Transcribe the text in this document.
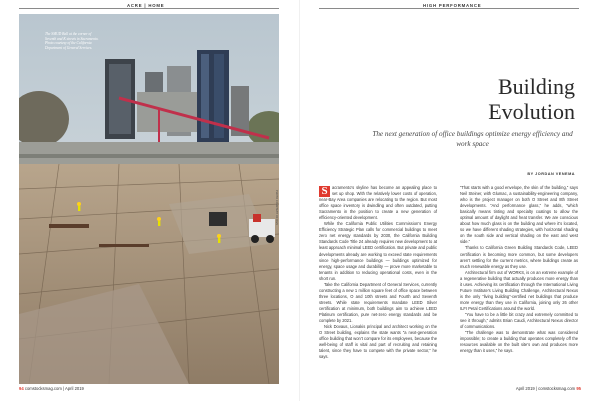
ACRE | HOME
The SMUD Ball at the corner of Seventh and K streets in Sacramento. Photo courtesy of the California Department of General Services.
PHOTO COURTESY OF DGS
94 comstocksmag.com | April 2019
HIGH PERFORMANCE
Building
Evolution
The next generation of office buildings optimize energy efficiency and work space
BY JORDAN VENEMA

S	acramento’s skyline has become an appealing place to set up shop. With the relatively lower costs of operation, near-Bay Area companies are relocating to the region. But most office space inventory is dwindling and often outdated, putting Sacramento in the position to create a new generation of efficiency-oriented development.

While the California Public Utilities Commission’s Energy Efficiency Strategic Plan calls for commercial buildings to meet zero net energy standards by 2030, the California Building Standards Code Title 24 already requires new development to at least approach minimal LEED certification. But private and public developments already are working to exceed state requirements since high-performance buildings — buildings optimized for energy, space usage and durability — prove more marketable to tenants in addition to reducing operational costs, even in the short run.

Take the California Department of General Services, currently constructing a new 1 million square feet of office space between three locations, O and 10th streets and Fourth and Seventh streets. While state requirements mandate LEED Silver certification at minimum, both buildings aim to achieve LEED Platinum certification, pure net-zero energy standards and be complete by 2021.

Nick Dovaus, Lionakis principal and architect working on the O Street building, explains the state wants “a next-generation office building that won’t compare for its employees, because the well-being of staff is vital and part of recruiting and retaining talent, since they have to compete with the private sector,” he says.

“That starts with a good envelope, the skin of the building,” says Neil Steiner, with Glumac, a sustainability-engineering company, who is the project manager on both O Street and 8th Street developments. “And performance glass,” he adds, “which basically means tinting and specialty coatings to allow the optimal amount of daylight and heat transfer. We are conscious about how much glass is on the building and where it’s located, so we have different shading strategies, with horizontal shading on the south side and vertical shading on the east and west side.”

Thanks to California Green Building Standards Code, LEED certification is becoming more common, but some developers aren’t settling for the current metrics, where buildings create as much renewable energy as they use.

Architectural firm out of WORKS, is on an extreme example of a regenerative building that actually produces more energy than it uses. Achieving its certification through the International Living Future Institute’s Living Building Challenge, Architectural Nexus is the only “living building”-certified net buildings that produce more energy than they use in California, joining only 26 other ILFI Petal Certifications around the world.

“You have to be a little bit crazy and extremely committed to see it through,” admits Brian Caudi, Architectural Nexus director of communications.

“The challenge was to demonstrate what was considered impossible; to create a building that operates completely off the resources available on the built site’s own and produces more energy than it uses,” he says.

April 2019 | comstocksmag.com 95
